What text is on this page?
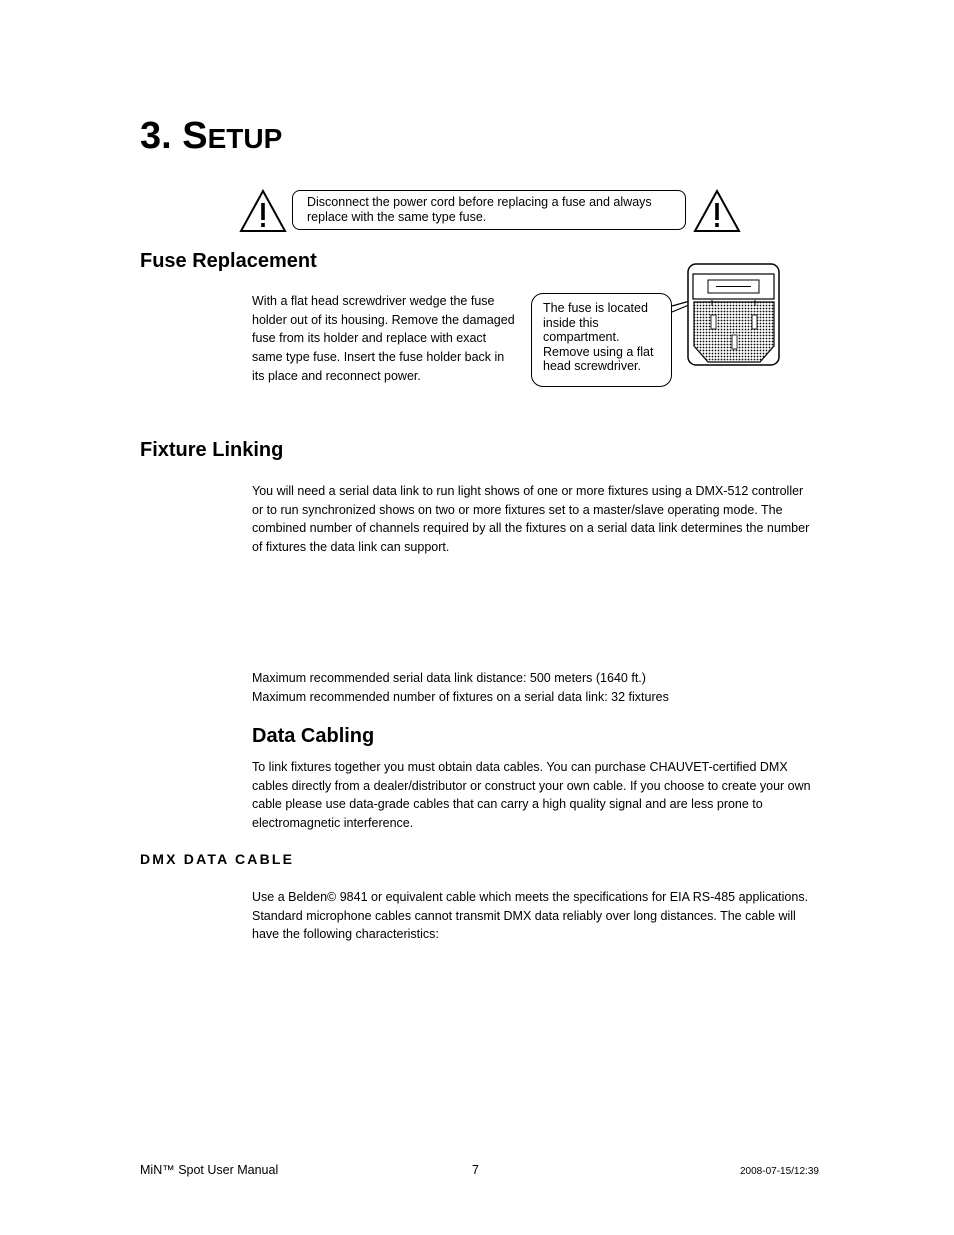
3. SETUP
Disconnect the power cord before replacing a fuse and always replace with the same type fuse.
Fuse Replacement
With a flat head screwdriver wedge the fuse holder out of its housing. Remove the damaged fuse from its holder and replace with exact same type fuse. Insert the fuse holder back in its place and reconnect power.
The fuse is located inside this compartment. Remove using a flat head screwdriver.
Fixture Linking
You will need a serial data link to run light shows of one or more fixtures using a DMX-512 controller or to run synchronized shows on two or more fixtures set to a master/slave operating mode. The combined number of channels required by all the fixtures on a serial data link determines the number of fixtures the data link can support.
Maximum recommended serial data link distance: 500 meters (1640 ft.)
Maximum recommended number of fixtures on a serial data link: 32 fixtures
Data Cabling
To link fixtures together you must obtain data cables. You can purchase CHAUVET-certified DMX cables directly from a dealer/distributor or construct your own cable. If you choose to create your own cable please use data-grade cables that can carry a high quality signal and are less prone to electromagnetic interference.
DMX DATA CABLE
Use a Belden© 9841 or equivalent cable which meets the specifications for EIA RS-485 applications. Standard microphone cables cannot transmit DMX data reliably over long distances. The cable will have the following characteristics:
MiN™ Spot User Manual	7	2008-07-15/12:39
